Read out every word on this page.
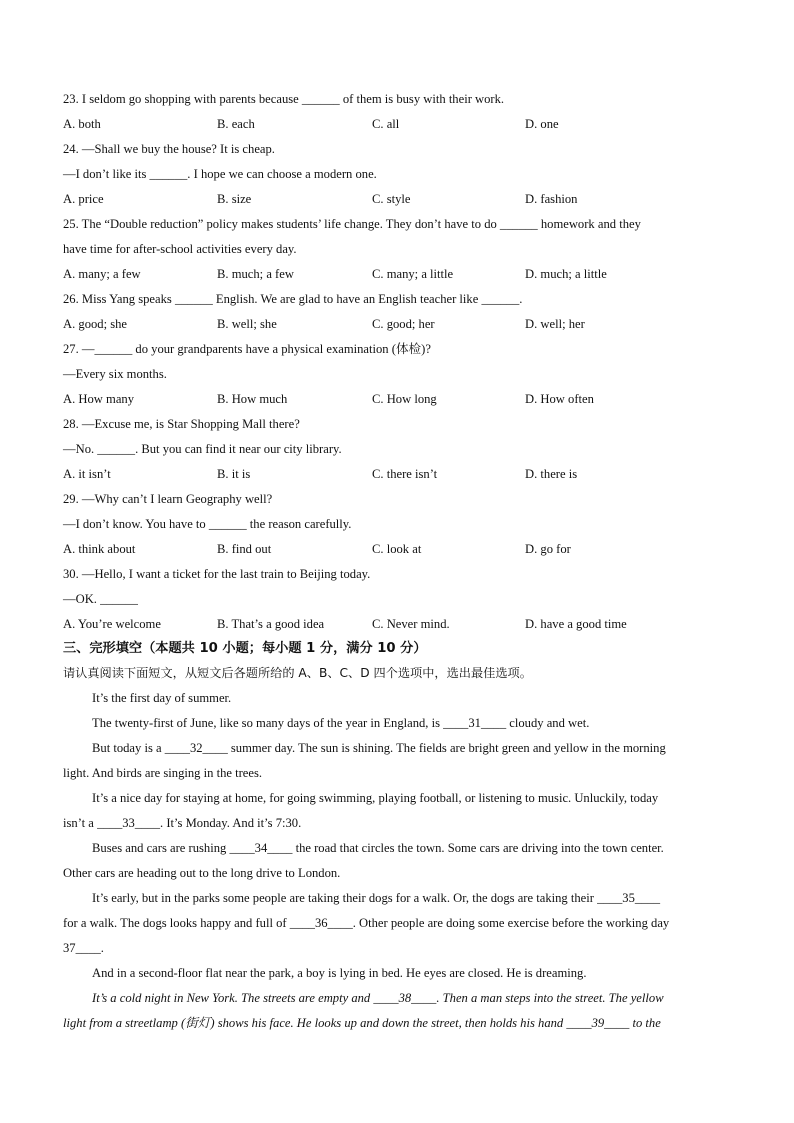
23. I seldom go shopping with parents because ______ of them is busy with their work.
A. both	B. each	C. all	D. one
24. —Shall we buy the house? It is cheap.
—I don’t like its ______. I hope we can choose a modern one.
A. price	B. size	C. style	D. fashion
25. The “Double reduction” policy makes students’ life change. They don’t have to do ______ homework and they
have time for after-school activities every day.
A. many; a few	B. much; a few	C. many; a little	D. much; a little
26. Miss Yang speaks ______ English. We are glad to have an English teacher like ______.
A. good; she	B. well; she	C. good; her	D. well; her
27. —______ do your grandparents have a physical examination (体检)?
—Every six months.
A. How many	B. How much	C. How long	D. How often
28. —Excuse me, is Star Shopping Mall there?
—No. ______. But you can find it near our city library.
A. it isn’t	B. it is	C. there isn’t	D. there is
29. —Why can’t I learn Geography well?
—I don’t know. You have to ______ the reason carefully.
A. think about	B. find out	C. look at	D. go for
30. —Hello, I want a ticket for the last train to Beijing today.
—OK. ______
A. You’re welcome	B. That’s a good idea	C. Never mind.	D. have a good time
三、完形填空（本题共 10 小题；每小题 1 分，满分 10 分）
请认真阅读下面短文，从短文后各题所给的 A、B、C、D 四个选项中，选出最佳选项。
It’s the first day of summer.
The twenty-first of June, like so many days of the year in England, is ____31____ cloudy and wet.
But today is a ____32____ summer day. The sun is shining. The fields are bright green and yellow in the morning
light. And birds are singing in the trees.
It’s a nice day for staying at home, for going swimming, playing football, or listening to music. Unluckily, today
isn’t a ____33____. It’s Monday. And it’s 7:30.
Buses and cars are rushing ____34____ the road that circles the town. Some cars are driving into the town center.
Other cars are heading out to the long drive to London.
It’s early, but in the parks some people are taking their dogs for a walk. Or, the dogs are taking their ____35____
for a walk. The dogs looks happy and full of ____36____. Other people are doing some exercise before the working day
37____.
And in a second-floor flat near the park, a boy is lying in bed. He eyes are closed. He is dreaming.
It’s a cold night in New York. The streets are empty and ____38____. Then a man steps into the street. The yellow
light from a streetlamp (街灯) shows his face. He looks up and down the street, then holds his hand ____39____ to the
